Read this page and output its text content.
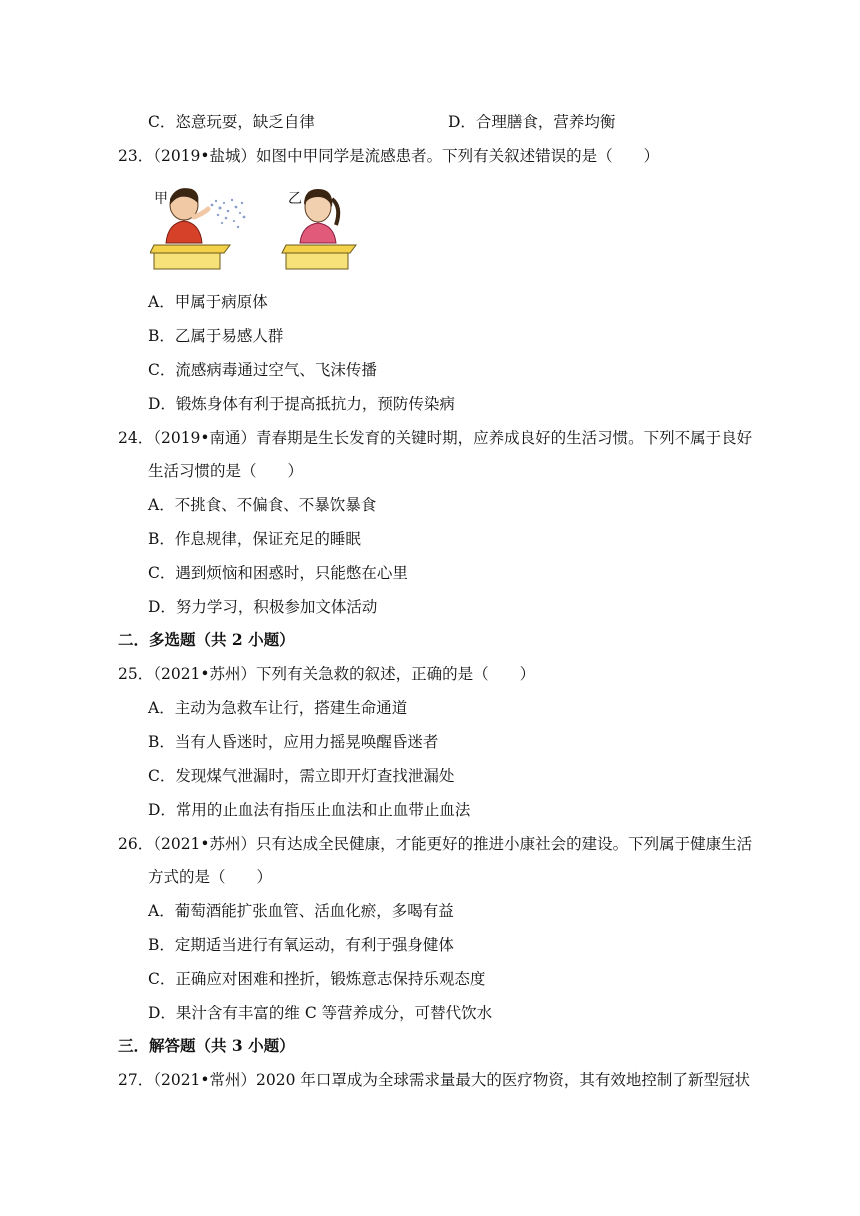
C．恣意玩耍，缺乏自律	D．合理膳食，营养均衡
23．（2019•盐城）如图中甲同学是流感患者。下列有关叙述错误的是（　　）
甲	乙
A．甲属于病原体
B．乙属于易感人群
C．流感病毒通过空气、飞沫传播
D．锻炼身体有利于提高抵抗力，预防传染病
24．（2019•南通）青春期是生长发育的关键时期，应养成良好的生活习惯。下列不属于良好
生活习惯的是（　　）
A．不挑食、不偏食、不暴饮暴食
B．作息规律，保证充足的睡眠
C．遇到烦恼和困惑时，只能憋在心里
D．努力学习，积极参加文体活动
二．多选题（共 2 小题）
25．（2021•苏州）下列有关急救的叙述，正确的是（　　）
A．主动为急救车让行，搭建生命通道
B．当有人昏迷时，应用力摇晃唤醒昏迷者
C．发现煤气泄漏时，需立即开灯查找泄漏处
D．常用的止血法有指压止血法和止血带止血法
26．（2021•苏州）只有达成全民健康，才能更好的推进小康社会的建设。下列属于健康生活
方式的是（　　）
A．葡萄酒能扩张血管、活血化瘀，多喝有益
B．定期适当进行有氧运动，有利于强身健体
C．正确应对困难和挫折，锻炼意志保持乐观态度
D．果汁含有丰富的维 C 等营养成分，可替代饮水
三．解答题（共 3 小题）
27．（2021•常州）2020 年口罩成为全球需求量最大的医疗物资，其有效地控制了新型冠状
